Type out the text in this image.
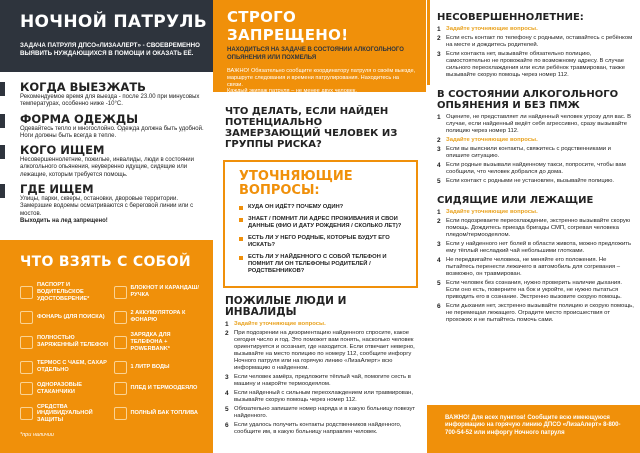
НОЧНОЙ ПАТРУЛЬ
ЗАДАЧА ПАТРУЛЯ ДПСО«ЛИЗААЛЕРТ» - СВОЕВРЕМЕННО ВЫЯВИТЬ НУЖДАЮЩИХСЯ В ПОМОЩИ И ОКАЗАТЬ ЕЁ.
КОГДА ВЫЕЗЖАТЬ

Рекомендуемое время для выезда - после 23.00 при минусовых температурах, особенно ниже -10°С.

ФОРМА ОДЕЖДЫ

Одевайтесь тепло и многослойно. Одежда должна быть удобной. Ноги должны быть всегда в тепле.

КОГО ИЩЕМ

Несовершеннолетние, пожилые, инвалиды, люди в состоянии алкогольного опьянения, неуверенно идущие, сидящие или лежащие, которым требуется помощь.

ГДЕ ИЩЕМ

Улицы, парки, скверы, остановки, дворовые территории. Замерзшие водоемы осматриваются с береговой линии или с мостов.

Выходить на лед запрещено!

ЧТО ВЗЯТЬ С СОБОЙ
ПАСПОРТ И ВОДИТЕЛЬСКОЕ УДОСТОВЕРЕНИЕ*
БЛОКНОТ И КАРАНДАШ/РУЧКА
ФОНАРЬ (ДЛЯ ПОИСКА)
2 АККУМУЛЯТОРА К ФОНАРЮ
ПОЛНОСТЬЮ ЗАРЯЖЕННЫЙ ТЕЛЕФОН
ЗАРЯДКА ДЛЯ ТЕЛЕФОНА + POWERBANK*
ТЕРМОС С ЧАЕМ, САХАР ОТДЕЛЬНО
1 ЛИТР ВОДЫ
ОДНОРАЗОВЫЕ СТАКАНЧИКИ
ПЛЕД И ТЕРМООДЕЯЛО
СРЕДСТВА ИНДИВИДУАЛЬНОЙ ЗАЩИТЫ
ПОЛНЫЙ БАК ТОПЛИВА
*при наличии
СТРОГО ЗАПРЕЩЕНО!
НАХОДИТЬСЯ НА ЗАДАЧЕ В СОСТОЯНИИ АЛКОГОЛЬНОГО ОПЬЯНЕНИЯ ИЛИ ПОХМЕЛЬЯ
ВАЖНО! Обязательно сообщите координатору патруля о своём выезде, маршруте следования и времени патрулирования. Находитесь на связи.
Каждый экипаж патруля – не менее двух человек.
ЧТО ДЕЛАТЬ, ЕСЛИ НАЙДЕН ПОТЕНЦИАЛЬНО ЗАМЕРЗАЮЩИЙ ЧЕЛОВЕК ИЗ ГРУППЫ РИСКА?
УТОЧНЯЮЩИЕ ВОПРОСЫ:
КУДА ОН ИДЁТ? ПОЧЕМУ ОДИН?
ЗНАЕТ / ПОМНИТ ЛИ АДРЕС ПРОЖИВАНИЯ И СВОИ ДАННЫЕ (ФИО И ДАТУ РОЖДЕНИЯ / СКОЛЬКО ЛЕТ)?
ЕСТЬ ЛИ У НЕГО РОДНЫЕ, КОТОРЫЕ БУДУТ ЕГО ИСКАТЬ?
ЕСТЬ ЛИ У НАЙДЕННОГО С СОБОЙ ТЕЛЕФОН И ПОМНИТ ЛИ ОН ТЕЛЕФОНЫ РОДИТЕЛЕЙ / РОДСТВЕННИКОВ?
ПОЖИЛЫЕ ЛЮДИ И ИНВАЛИДЫ
1 Задайте уточняющие вопросы.
2 При подозрении на дезориентацию найденного спросите, какое сегодня число и год. Это поможет вам понять, насколько человек ориентируется и осознает, где находится. Если отвечает неверно, вызывайте на место полицию по номеру 112, сообщите инфоргу Ночного патруля или на горячую линию «ЛизаАлерт» всю информацию о найденном.
3 Если человек замёрз, предложите тёплый чай, помогите сесть в машину и накройте термоодеялом.
4 Если найденный с сильным переохлаждением или травмирован, вызывайте скорую помощь через номер 112.
5 Обязательно запишите номер наряда и в какую больницу повезут найденного.
6 Если удалось получить контакты родственников найденного, сообщите им, в какую больницу направлен человек.
НЕСОВЕРШЕННОЛЕТНИЕ:
1 Задайте уточняющие вопросы.
2 Если есть контакт по телефону с родными, оставайтесь с ребёнком на месте и дождитесь родителей.
3 Если контакта нет, вызывайте обязательно полицию, самостоятельно не провожайте по возможному адресу. В случае сильного переохлаждения или если ребёнок травмирован, также вызывайте скорую помощь через номер 112.
В СОСТОЯНИИ АЛКОГОЛЬНОГО ОПЬЯНЕНИЯ И БЕЗ ПМЖ
1 Оцените, не представляет ли найденный человек угрозу для вас. В случае, если найденный ведёт себя агрессивно, сразу вызывайте полицию через номер 112.
2 Задайте уточняющие вопросы.
3 Если вы выяснили контакты, свяжитесь с родственниками и опишите ситуацию.
4 Если родные вызывали найденному такси, попросите, чтобы вам сообщили, что человек добрался до дома.
5 Если контакт с родными не установлен, вызывайте полицию.
СИДЯЩИЕ ИЛИ ЛЕЖАЩИЕ
1 Задайте уточняющие вопросы.
2 Если подозреваете переохлаждение, экстренно вызывайте скорую помощь. Дождитесь приезда бригады СМП, согревая человека пледом/термоодеялом.
3 Если у найденного нет болей в области живота, можно предложить ему тёплый несладкий чай небольшими глотками.
4 Не передвигайте человека, не меняйте его положения. Не пытайтесь перенести лежачего в автомобиль для согревания – возможно, он травмирован.
5 Если человек без сознания, нужно проверить наличие дыхания. Если оно есть, поверните на бок и укройте, не нужно пытаться приводить его в сознание. Экстренно вызовите скорую помощь.
6 Если дыхания нет, экстренно вызывайте полицию и скорую помощь, не перемещая лежащего. Оградите место происшествия от прохожих и не пытайтесь помочь сами.
ВАЖНО! Для всех пунктов! Сообщите всю имеющуюся информацию на горячую линию ДПСО «ЛизаАлерт» 8-800-700-54-52 или инфоргу Ночного патруля
